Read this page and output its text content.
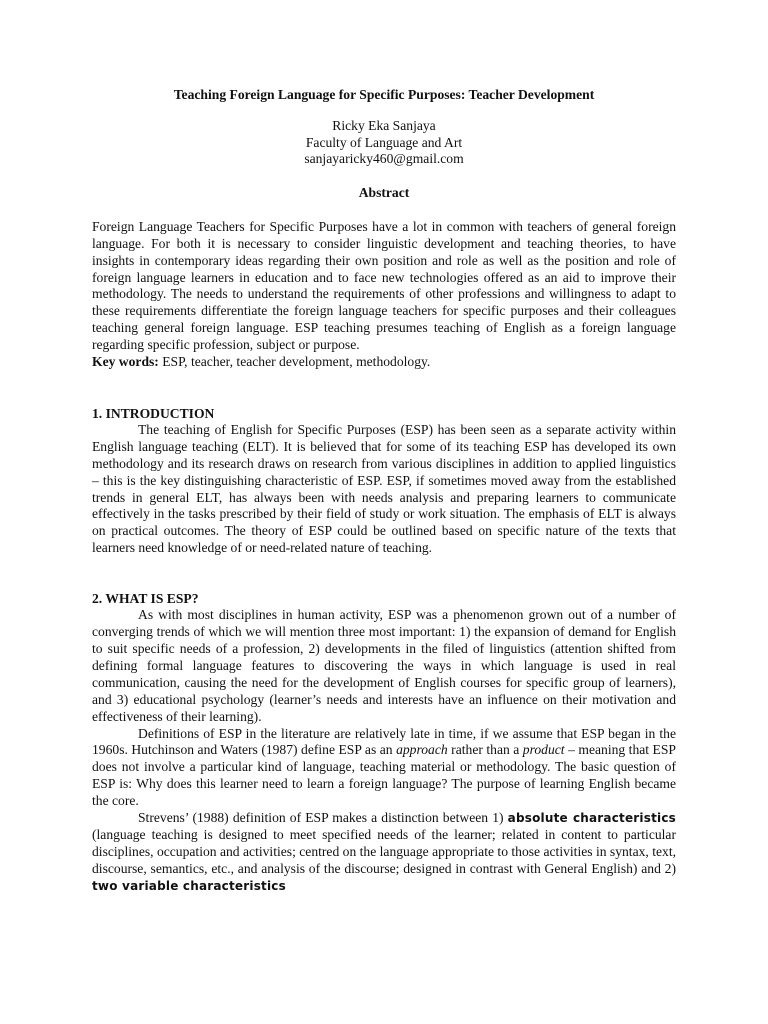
Teaching Foreign Language for Specific Purposes: Teacher Development
Ricky Eka Sanjaya
Faculty of Language and Art
sanjayaricky460@gmail.com
Abstract

Foreign Language Teachers for Specific Purposes have a lot in common with teachers of general foreign language. For both it is necessary to consider linguistic development and teaching theories, to have insights in contemporary ideas regarding their own position and role as well as the position and role of foreign language learners in education and to face new technologies offered as an aid to improve their methodology. The needs to understand the requirements of other professions and willingness to adapt to these requirements differentiate the foreign language teachers for specific purposes and their colleagues teaching general foreign language. ESP teaching presumes teaching of English as a foreign language regarding specific profession, subject or purpose.

Key words: ESP, teacher, teacher development, methodology.
1. INTRODUCTION

The teaching of English for Specific Purposes (ESP) has been seen as a separate activity within English language teaching (ELT). It is believed that for some of its teaching ESP has developed its own methodology and its research draws on research from various disciplines in addition to applied linguistics – this is the key distinguishing characteristic of ESP. ESP, if sometimes moved away from the established trends in general ELT, has always been with needs analysis and preparing learners to communicate effectively in the tasks prescribed by their field of study or work situation. The emphasis of ELT is always on practical outcomes. The theory of ESP could be outlined based on specific nature of the texts that learners need knowledge of or need-related nature of teaching.

2. WHAT IS ESP?

As with most disciplines in human activity, ESP was a phenomenon grown out of a number of converging trends of which we will mention three most important: 1) the expansion of demand for English to suit specific needs of a profession, 2) developments in the filed of linguistics (attention shifted from defining formal language features to discovering the ways in which language is used in real communication, causing the need for the development of English courses for specific group of learners), and 3) educational psychology (learner’s needs and interests have an influence on their motivation and effectiveness of their learning).

Definitions of ESP in the literature are relatively late in time, if we assume that ESP began in the 1960s. Hutchinson and Waters (1987) define ESP as an approach rather than a product – meaning that ESP does not involve a particular kind of language, teaching material or methodology. The basic question of ESP is: Why does this learner need to learn a foreign language? The purpose of learning English became the core.

Strevens’ (1988) definition of ESP makes a distinction between 1) absolute characteristics (language teaching is designed to meet specified needs of the learner; related in content to particular disciplines, occupation and activities; centred on the language appropriate to those activities in syntax, text, discourse, semantics, etc., and analysis of the discourse; designed in contrast with General English) and 2) two variable characteristics
